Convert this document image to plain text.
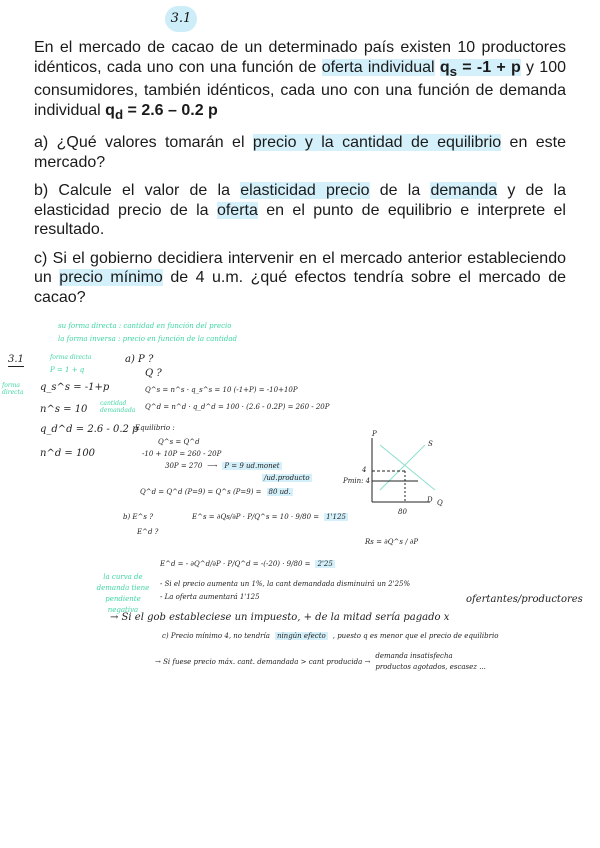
3.1

En el mercado de cacao de un determinado país existen 10 productores idénticos, cada uno con una función de oferta individual $q_s = -1 + p$ y 100 consumidores, también idénticos, cada uno con una función de demanda individual $q_d = 2.6 - 0.2$ p

a) ¿Qué valores tomarán el precio y la cantidad de equilibrio en este mercado?

b) Calcule el valor de la elasticidad precio de la demanda y de la elasticidad precio de la oferta en el punto de equilibrio e interprete el resultado.

c) Si el gobierno decidiera intervenir en el mercado anterior estableciendo un precio mínimo de 4 u.m. ¿qué efectos tendría sobre el mercado de cacao?

su forma directa : cantidad en función del precio
la forma inversa : precio en función de la cantidad
3.1	forma directa
P = 1 + q
forma directa	q_s^s = -1+p
n^s = 10
q_d^d = 2.6 - 0.2 p
n^d = 100
a) P ?
Q ?
Q^s = n^s · q_s^s = 10 (-1+P) = -10+10P
cantidad demandada	Q^d = n^d · q_d^d = 100 · (2.6 - 0.2P) = 260 - 20P
Equilibrio :
Q^s = Q^d
-10 + 10P = 260 - 20P
30P = 270 ⟶ P = 9 ud.monet
/ud.producto
Q^d = Q^d (P=9) = Q^s (P=9) = 80 ud.
b) E^s ?
E^d ?
E^s = ∂Qs/∂P · P/Q^s = 10 · 9/80 = 1'125
P
S
4
Pmin: 4
D Q
80
Rs = ∂Q^s / ∂P
la curva de demanda tiene pendiente negativa
E^d = - ∂Q^d/∂P · P/Q^d = -(-20) · 9/80 = 2'25
- Si el precio aumenta un 1%, la cant demandada disminuirá un 2'25%
- La oferta aumentará 1'125	ofertantes/productores
→ Si el gob estableciese un impuesto, + de la mitad sería pagado x
c) Precio mínimo 4, no tendría ningún efecto , puesto q es menor que el precio de equilibrio
→ Si fuese precio máx. cant. demandada > cant producida →
demanda insatisfecha
productos agotados, escasez ...
